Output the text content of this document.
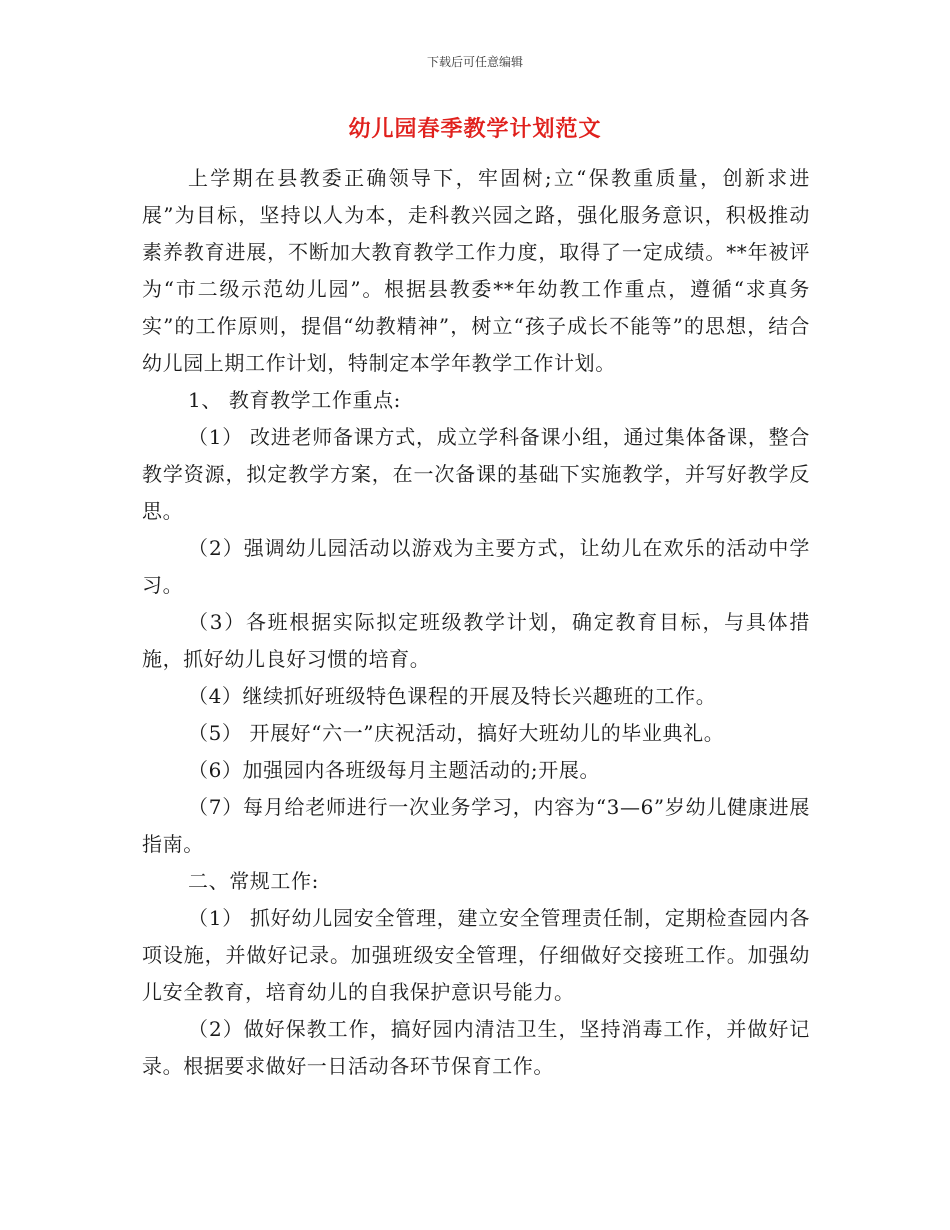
下载后可任意编辑
幼儿园春季教学计划范文

上学期在县教委正确领导下，牢固树;立“保教重质量，创新求进展”为目标，坚持以人为本，走科教兴园之路，强化服务意识，积极推动素养教育进展，不断加大教育教学工作力度，取得了一定成绩。**年被评为“市二级示范幼儿园”。根据县教委**年幼教工作重点，遵循“求真务实”的工作原则，提倡“幼教精神”，树立“孩子成长不能等”的思想，结合幼儿园上期工作计划，特制定本学年教学工作计划。

1、 教育教学工作重点:

（1） 改进老师备课方式，成立学科备课小组，通过集体备课，整合教学资源，拟定教学方案，在一次备课的基础下实施教学，并写好教学反思。

（2）强调幼儿园活动以游戏为主要方式，让幼儿在欢乐的活动中学习。

（3）各班根据实际拟定班级教学计划，确定教育目标，与具体措施，抓好幼儿良好习惯的培育。

（4）继续抓好班级特色课程的开展及特长兴趣班的工作。

（5） 开展好“六一”庆祝活动，搞好大班幼儿的毕业典礼。

（6）加强园内各班级每月主题活动的;开展。

（7）每月给老师进行一次业务学习，内容为“3—6”岁幼儿健康进展指南。

二、常规工作:

（1） 抓好幼儿园安全管理，建立安全管理责任制，定期检查园内各项设施，并做好记录。加强班级安全管理，仔细做好交接班工作。加强幼儿安全教育，培育幼儿的自我保护意识号能力。

（2）做好保教工作，搞好园内清洁卫生，坚持消毒工作，并做好记录。根据要求做好一日活动各环节保育工作。
